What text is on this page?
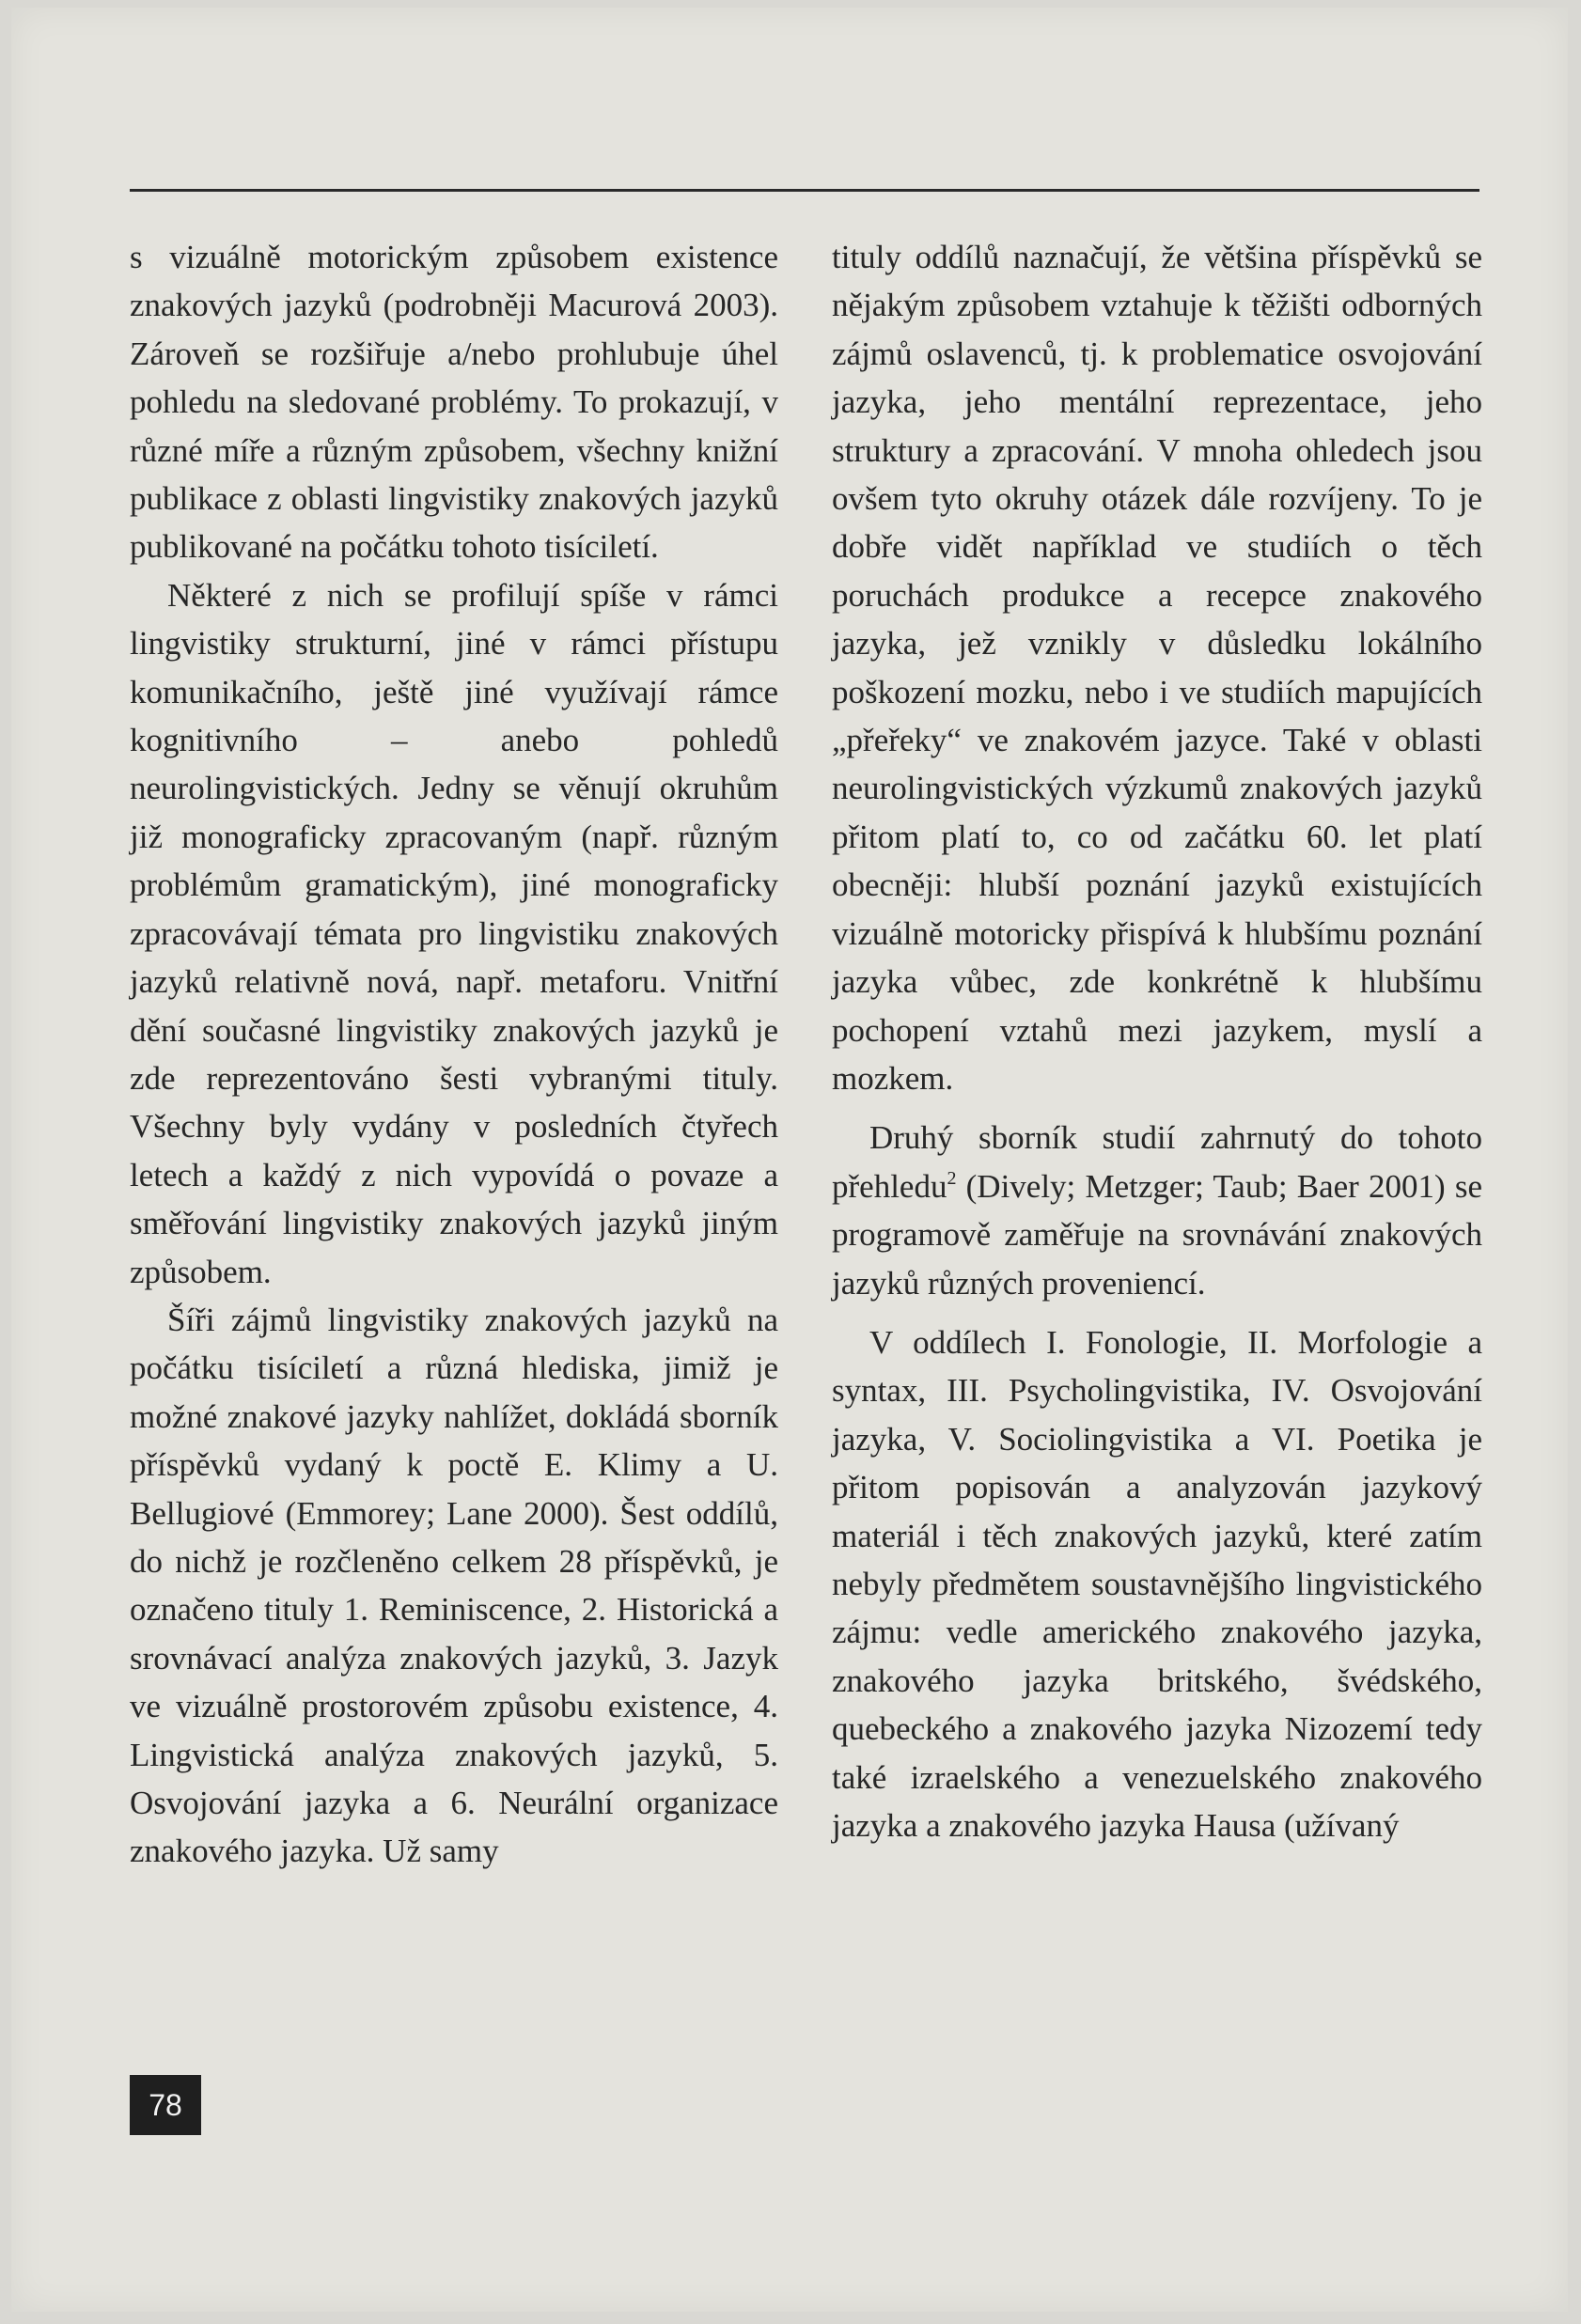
s vizuálně motorickým způsobem existence znakových jazyků (podrobněji Macurová 2003). Zároveň se rozšiřuje a/nebo prohlubuje úhel pohledu na sledované problémy. To prokazují, v různé míře a různým způsobem, všechny knižní publikace z oblasti lingvistiky znakových jazyků publikované na počátku tohoto tisíciletí.

Některé z nich se profilují spíše v rámci lingvistiky strukturní, jiné v rámci přístupu komunikačního, ještě jiné využívají rámce kognitivního – anebo pohledů neurolingvistických. Jedny se věnují okruhům již monograficky zpracovaným (např. různým problémům gramatickým), jiné monograficky zpracovávají témata pro lingvistiku znakových jazyků relativně nová, např. metaforu. Vnitřní dění současné lingvistiky znakových jazyků je zde reprezentováno šesti vybranými tituly. Všechny byly vydány v posledních čtyřech letech a každý z nich vypovídá o povaze a směřování lingvistiky znakových jazyků jiným způsobem.

Šíři zájmů lingvistiky znakových jazyků na počátku tisíciletí a různá hlediska, jimiž je možné znakové jazyky nahlížet, dokládá sborník příspěvků vydaný k poctě E. Klimy a U. Bellugiové (Emmorey; Lane 2000). Šest oddílů, do nichž je rozčleněno celkem 28 příspěvků, je označeno tituly 1. Reminiscence, 2. Historická a srovnávací analýza znakových jazyků, 3. Jazyk ve vizuálně prostorovém způsobu existence, 4. Lingvistická analýza znakových jazyků, 5. Osvojování jazyka a 6. Neurální organizace znakového jazyka. Už samy

tituly oddílů naznačují, že většina příspěvků se nějakým způsobem vztahuje k těžišti odborných zájmů oslavenců, tj. k problematice osvojování jazyka, jeho mentální reprezentace, jeho struktury a zpracování. V mnoha ohledech jsou ovšem tyto okruhy otázek dále rozvíjeny. To je dobře vidět například ve studiích o těch poruchách produkce a recepce znakového jazyka, jež vznikly v důsledku lokálního poškození mozku, nebo i ve studiích mapujících „přeřeky“ ve znakovém jazyce. Také v oblasti neurolingvistických výzkumů znakových jazyků přitom platí to, co od začátku 60. let platí obecněji: hlubší poznání jazyků existujících vizuálně motoricky přispívá k hlubšímu poznání jazyka vůbec, zde konkrétně k hlubšímu pochopení vztahů mezi jazykem, myslí a mozkem.

Druhý sborník studií zahrnutý do tohoto přehledu$^2$ (Dively; Metzger; Taub; Baer 2001) se programově zaměřuje na srovnávání znakových jazyků různých proveniencí.

V oddílech I. Fonologie, II. Morfologie a syntax, III. Psycholingvistika, IV. Osvojování jazyka, V. Sociolingvistika a VI. Poetika je přitom popisován a analyzován jazykový materiál i těch znakových jazyků, které zatím nebyly předmětem soustavnějšího lingvistického zájmu: vedle amerického znakového jazyka, znakového jazyka britského, švédského, quebeckého a znakového jazyka Nizozemí tedy také izraelského a venezuelského znakového jazyka a znakového jazyka Hausa (užívaný

78
